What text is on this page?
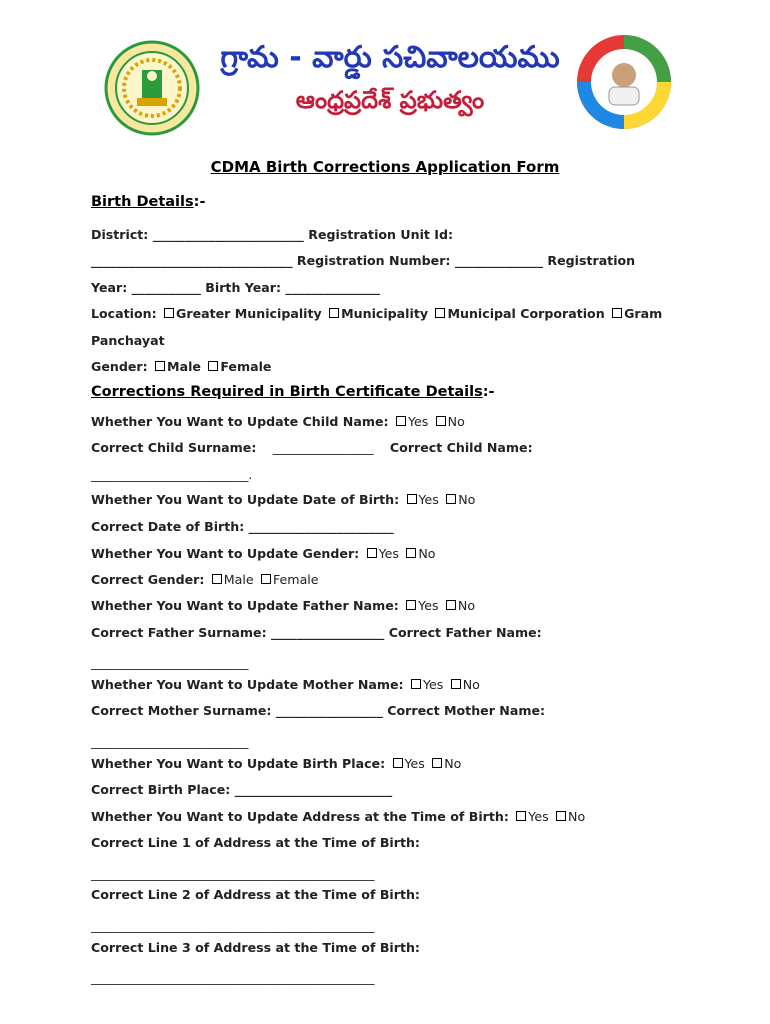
గ్రామ - వార్డు సచివాలయము
ఆంధ్రప్రదేశ్ ప్రభుత్వం
CDMA Birth Corrections Application Form
Birth Details:-
District: ________________________ Registration Unit Id:
________________________________ Registration Number: ______________ Registration
Year: ___________ Birth Year: _______________
Location: Greater Municipality Municipality Municipal Corporation Gram
Panchayat
Gender: Male Female
Corrections Required in Birth Certificate Details:-
Whether You Want to Update Child Name: Yes No
Correct Child Surname: ________________ Correct Child Name:
_________________________.
Whether You Want to Update Date of Birth: Yes No
Correct Date of Birth: _______________________
Whether You Want to Update Gender: Yes No
Correct Gender: Male Female
Whether You Want to Update Father Name: Yes No
Correct Father Surname: __________________ Correct Father Name:
_________________________
Whether You Want to Update Mother Name: Yes No
Correct Mother Surname: _________________ Correct Mother Name:
_________________________
Whether You Want to Update Birth Place: Yes No
Correct Birth Place: _________________________
Whether You Want to Update Address at the Time of Birth: Yes No
Correct Line 1 of Address at the Time of Birth:
_____________________________________________
Correct Line 2 of Address at the Time of Birth:
_____________________________________________
Correct Line 3 of Address at the Time of Birth:
_____________________________________________
